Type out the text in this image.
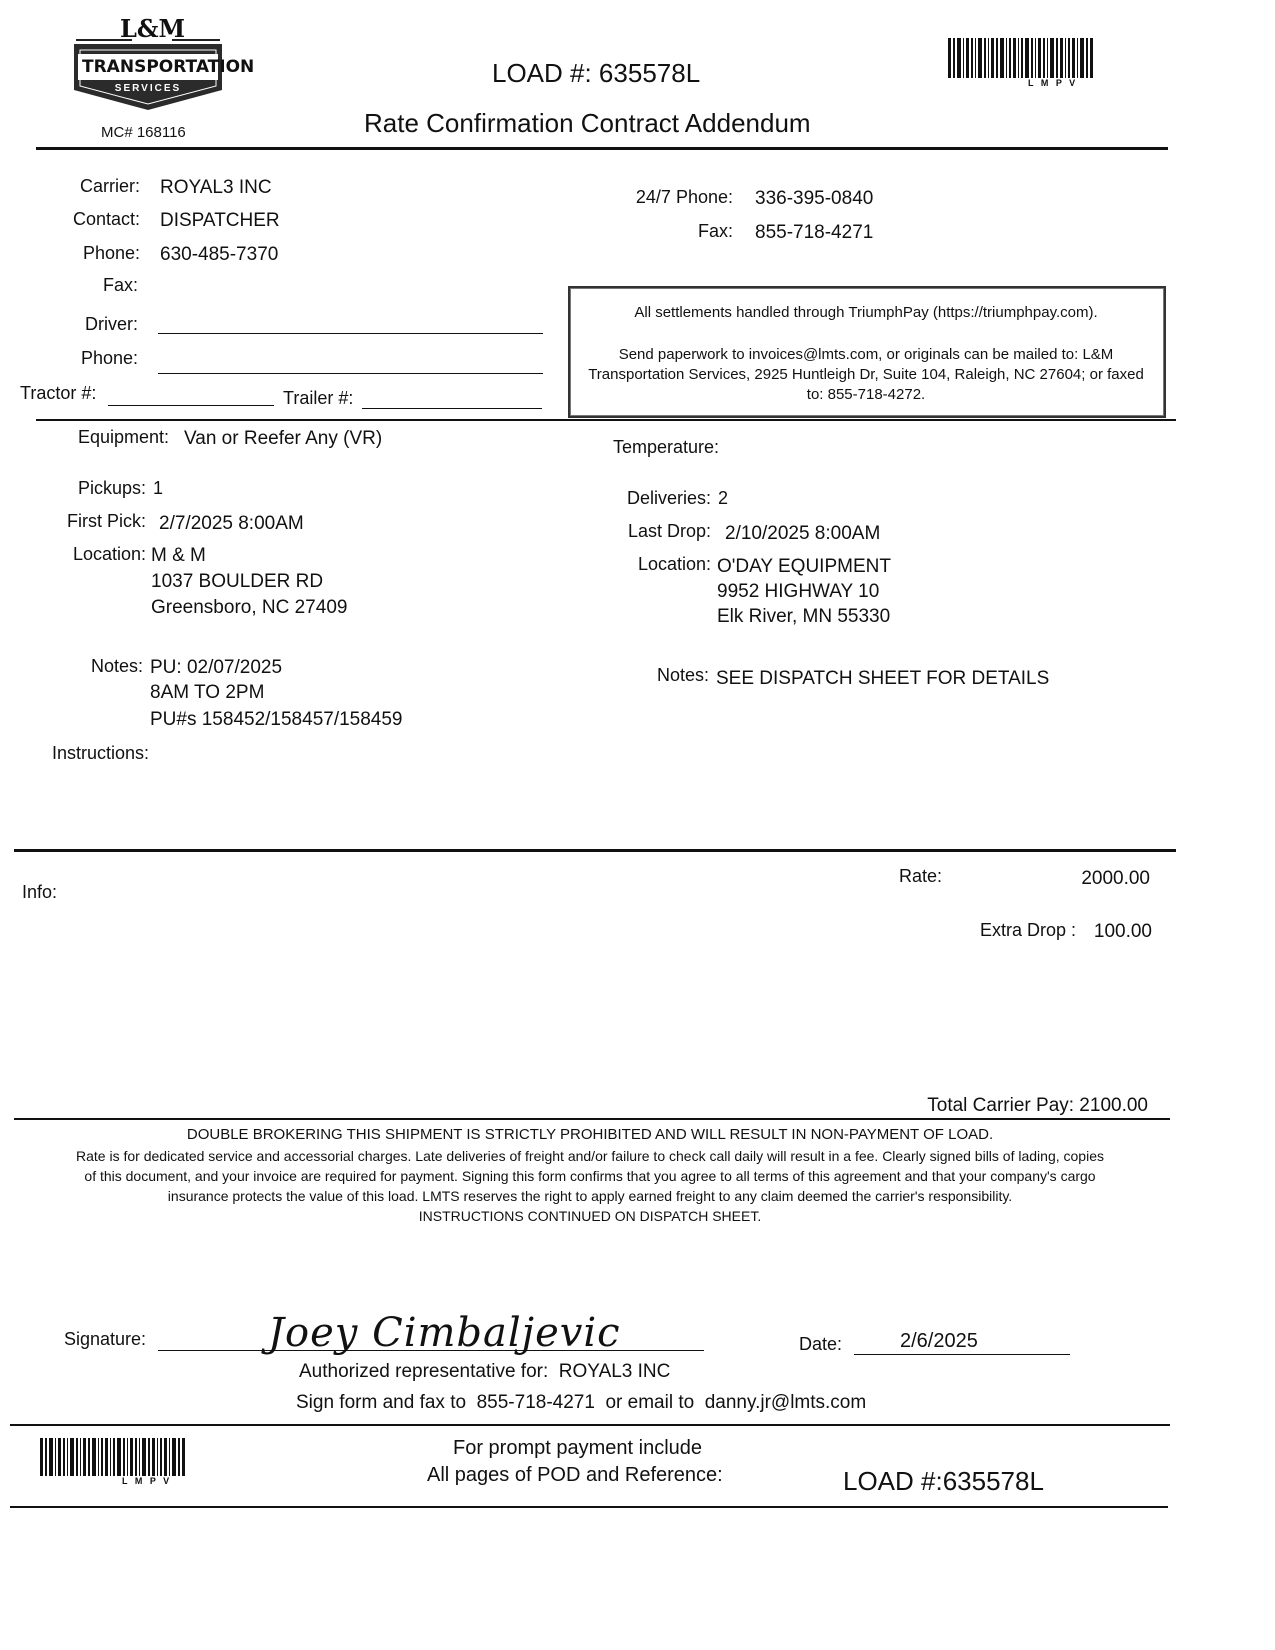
L&M
TRANSPORTATION
SERVICES
MC# 168116
LOAD #: 635578L
Rate Confirmation Contract Addendum
L   M   P   V
Carrier: ROYAL3 INC
Contact: DISPATCHER
Phone: 630-485-7370
Fax:
Driver:
Phone:
Tractor #:	Trailer #:
24/7 Phone: 336-395-0840
Fax: 855-718-4271
All settlements handled through TriumphPay (https://triumphpay.com).
Send paperwork to invoices@lmts.com, or originals can be mailed to: L&M
Transportation Services, 2925 Huntleigh Dr, Suite 104, Raleigh, NC 27604; or faxed
to: 855-718-4272.
Equipment: Van or Reefer Any (VR)	Temperature:
Pickups: 1
First Pick: 2/7/2025 8:00AM
Location: M & M
1037 BOULDER RD
Greensboro, NC 27409
Notes: PU: 02/07/2025
8AM TO 2PM
PU#s 158452/158457/158459
Instructions:
Deliveries: 2
Last Drop: 2/10/2025 8:00AM
Location: O'DAY EQUIPMENT
9952 HIGHWAY 10
Elk River, MN 55330
Notes: SEE DISPATCH SHEET FOR DETAILS
Info:
Rate:	2000.00
Extra Drop : 100.00
Total Carrier Pay: 2100.00
DOUBLE BROKERING THIS SHIPMENT IS STRICTLY PROHIBITED AND WILL RESULT IN NON-PAYMENT OF LOAD.
Rate is for dedicated service and accessorial charges. Late deliveries of freight and/or failure to check call daily will result in a fee. Clearly signed bills of lading, copies
of this document, and your invoice are required for payment. Signing this form confirms that you agree to all terms of this agreement and that your company's cargo
insurance protects the value of this load. LMTS reserves the right to apply earned freight to any claim deemed the carrier's responsibility.
INSTRUCTIONS CONTINUED ON DISPATCH SHEET.
Signature:	Joey Cimbaljevic	Date:	2/6/2025
Authorized representative for:  ROYAL3 INC
Sign form and fax to  855-718-4271  or email to  danny.jr@lmts.com
L   M   P   V
For prompt payment include
All pages of POD and Reference:	LOAD #:635578L
